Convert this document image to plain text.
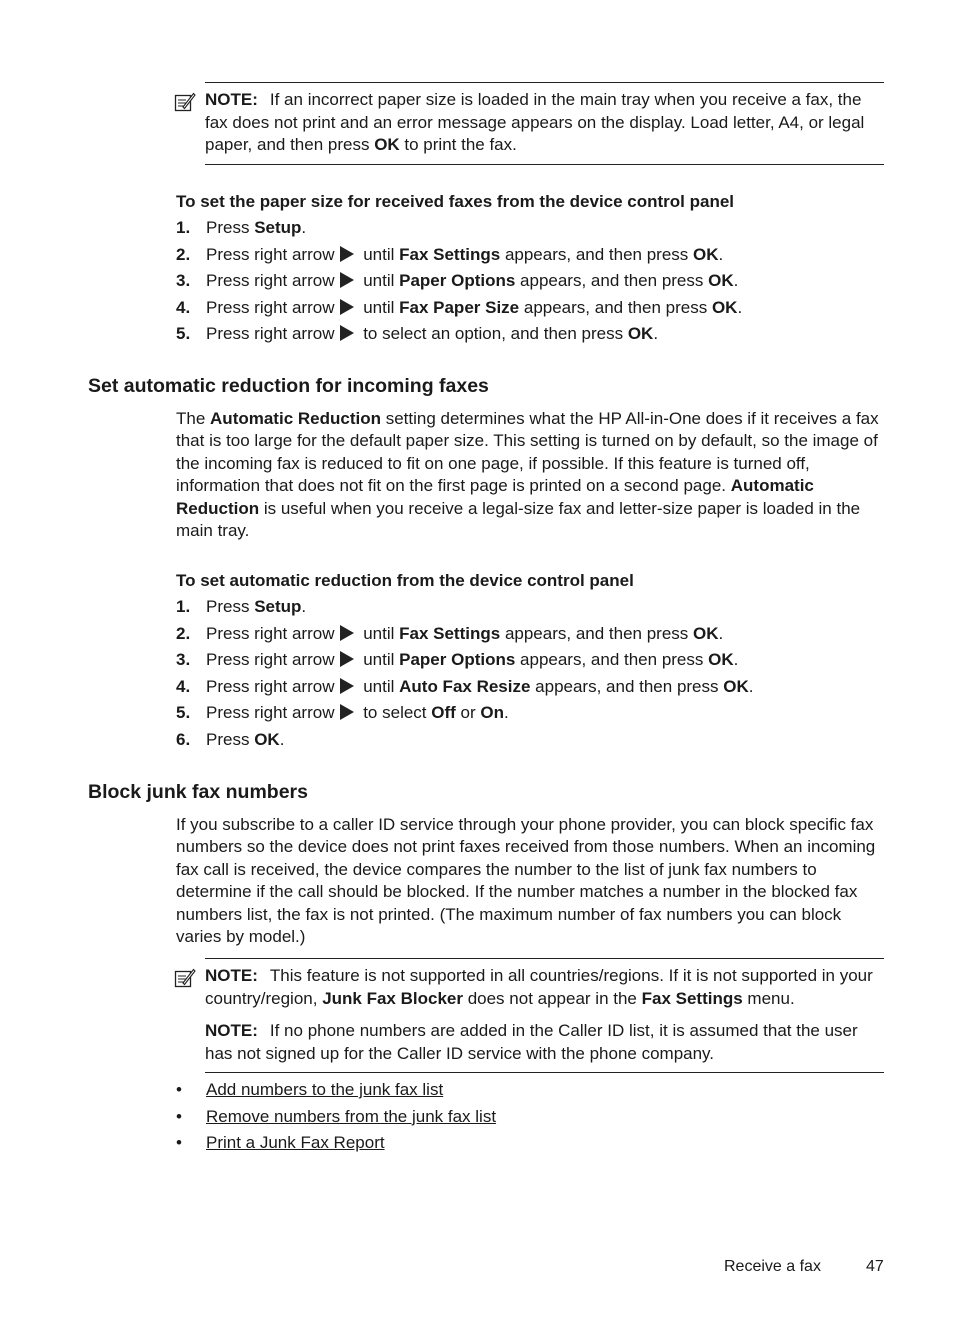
NOTE: If an incorrect paper size is loaded in the main tray when you receive a fax, the fax does not print and an error message appears on the display. Load letter, A4, or legal paper, and then press OK to print the fax.

To set the paper size for received faxes from the device control panel
1. Press Setup.
2. Press right arrow until Fax Settings appears, and then press OK.
3. Press right arrow until Paper Options appears, and then press OK.
4. Press right arrow until Fax Paper Size appears, and then press OK.
5. Press right arrow to select an option, and then press OK.
Set automatic reduction for incoming faxes

The Automatic Reduction setting determines what the HP All-in-One does if it receives a fax that is too large for the default paper size. This setting is turned on by default, so the image of the incoming fax is reduced to fit on one page, if possible. If this feature is turned off, information that does not fit on the first page is printed on a second page. Automatic Reduction is useful when you receive a legal-size fax and letter-size paper is loaded in the main tray.

To set automatic reduction from the device control panel
1. Press Setup.
2. Press right arrow until Fax Settings appears, and then press OK.
3. Press right arrow until Paper Options appears, and then press OK.
4. Press right arrow until Auto Fax Resize appears, and then press OK.
5. Press right arrow to select Off or On.
6. Press OK.
Block junk fax numbers

If you subscribe to a caller ID service through your phone provider, you can block specific fax numbers so the device does not print faxes received from those numbers. When an incoming fax call is received, the device compares the number to the list of junk fax numbers to determine if the call should be blocked. If the number matches a number in the blocked fax numbers list, the fax is not printed. (The maximum number of fax numbers you can block varies by model.)

NOTE: This feature is not supported in all countries/regions. If it is not supported in your country/region, Junk Fax Blocker does not appear in the Fax Settings menu.

NOTE: If no phone numbers are added in the Caller ID list, it is assumed that the user has not signed up for the Caller ID service with the phone company.

• Add numbers to the junk fax list
• Remove numbers from the junk fax list
• Print a Junk Fax Report
Receive a fax	47
